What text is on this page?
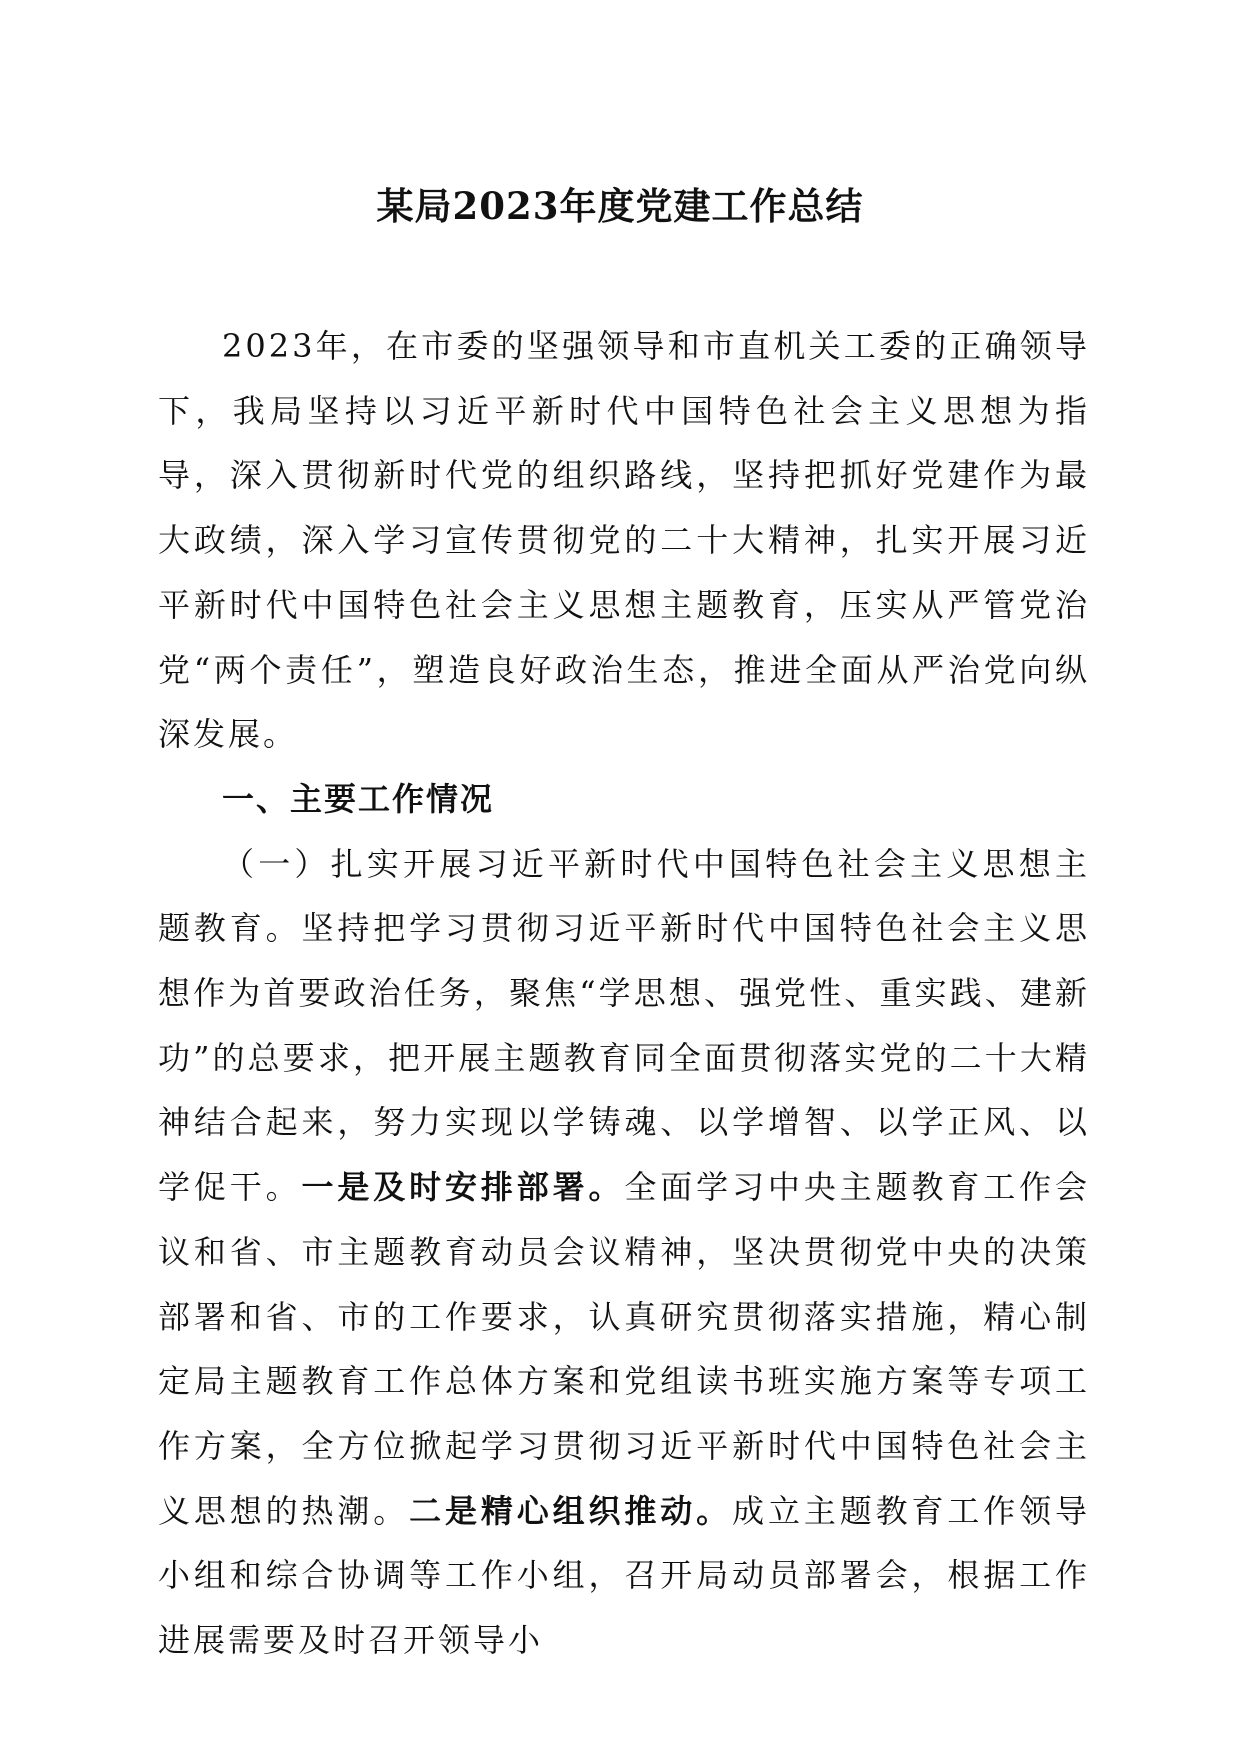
某局2023年度党建工作总结

2023年，在市委的坚强领导和市直机关工委的正确领导下，我局坚持以习近平新时代中国特色社会主义思想为指导，深入贯彻新时代党的组织路线，坚持把抓好党建作为最大政绩，深入学习宣传贯彻党的二十大精神，扎实开展习近平新时代中国特色社会主义思想主题教育，压实从严管党治党“两个责任”，塑造良好政治生态，推进全面从严治党向纵深发展。

一、主要工作情况

（一）扎实开展习近平新时代中国特色社会主义思想主题教育。坚持把学习贯彻习近平新时代中国特色社会主义思想作为首要政治任务，聚焦“学思想、强党性、重实践、建新功”的总要求，把开展主题教育同全面贯彻落实党的二十大精神结合起来，努力实现以学铸魂、以学增智、以学正风、以学促干。一是及时安排部署。全面学习中央主题教育工作会议和省、市主题教育动员会议精神，坚决贯彻党中央的决策部署和省、市的工作要求，认真研究贯彻落实措施，精心制定局主题教育工作总体方案和党组读书班实施方案等专项工作方案，全方位掀起学习贯彻习近平新时代中国特色社会主义思想的热潮。二是精心组织推动。成立主题教育工作领导小组和综合协调等工作小组，召开局动员部署会，根据工作进展需要及时召开领导小
